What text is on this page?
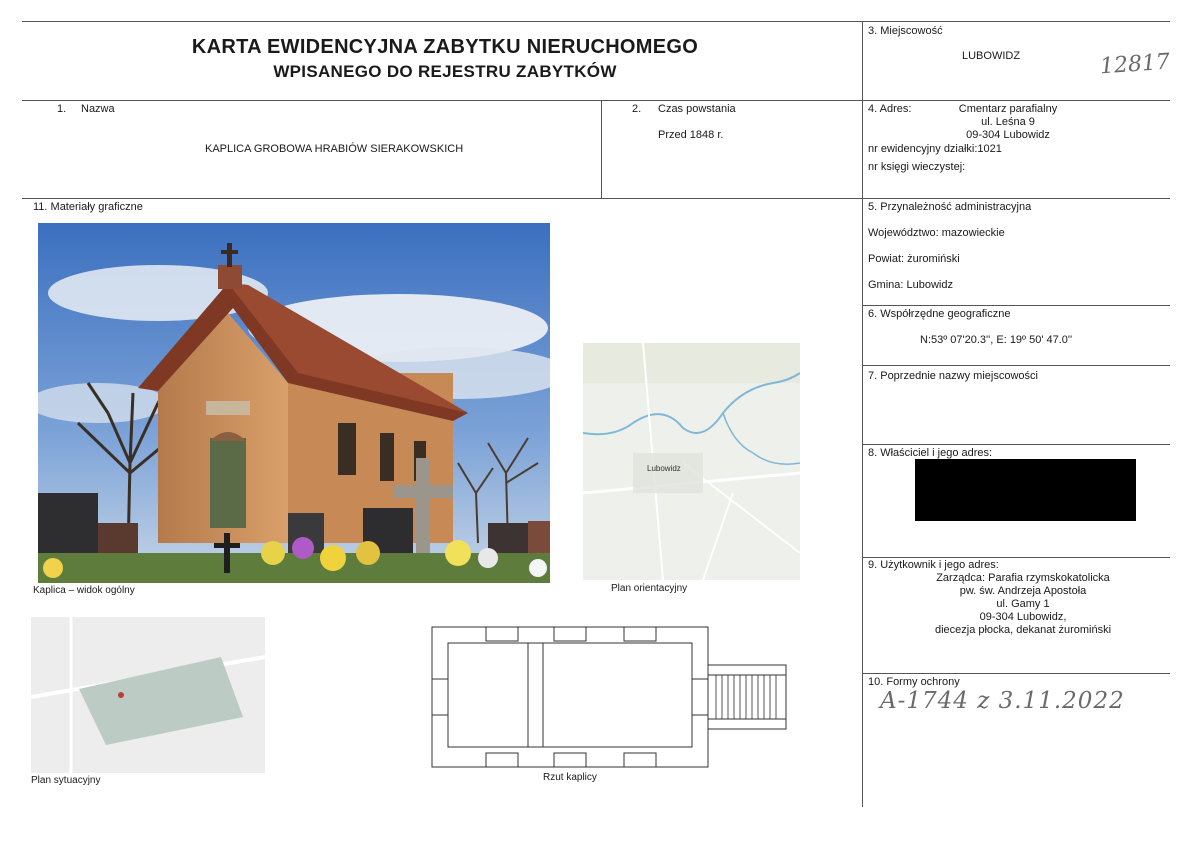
KARTA EWIDENCYJNA ZABYTKU NIERUCHOMEGO
WPISANEGO DO REJESTRU ZABYTKÓW
3. Miejscowość
LUBOWIDZ	12817
1. Nazwa
KAPLICA GROBOWA HRABIÓW SIERAKOWSKICH
2. Czas powstania
Przed 1848 r.
4. Adres:	Cmentarz parafialny
ul. Leśna 9
09-304 Lubowidz
nr ewidencyjny działki:1021
nr księgi wieczystej:
5. Przynależność administracyjna
Województwo: mazowieckie
Powiat: żuromiński
Gmina: Lubowidz
6. Współrzędne geograficzne
N:53º 07'20.3'', E: 19º 50' 47.0''
7. Poprzednie nazwy miejscowości
8. Właściciel i jego adres:
9. Użytkownik i jego adres:
Zarządca: Parafia rzymskokatolicka
pw. św. Andrzeja Apostoła
ul. Gamy 1
09-304 Lubowidz,
diecezja płocka, dekanat żuromiński
10. Formy ochrony
A-1744 z 3.11.2022
11. Materiały graficzne
Kaplica – widok ogólny
Lubowidz
Plan orientacyjny
Plan sytuacyjny	Rzut kaplicy
